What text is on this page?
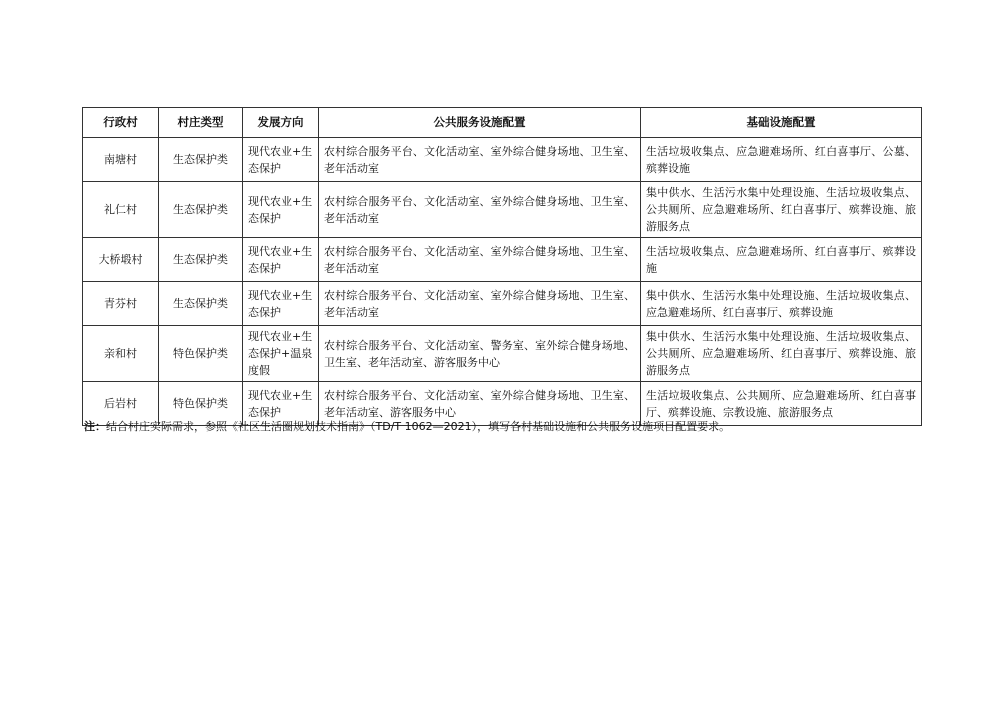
行政村	村庄类型	发展方向	公共服务设施配置	基础设施配置
南塘村	生态保护类	现代农业+生态保护	农村综合服务平台、文化活动室、室外综合健身场地、卫生室、老年活动室	生活垃圾收集点、应急避难场所、红白喜事厅、公墓、殡葬设施
礼仁村	生态保护类	现代农业+生态保护	农村综合服务平台、文化活动室、室外综合健身场地、卫生室、老年活动室	集中供水、生活污水集中处理设施、生活垃圾收集点、公共厕所、应急避难场所、红白喜事厅、殡葬设施、旅游服务点
大桥塅村	生态保护类	现代农业+生态保护	农村综合服务平台、文化活动室、室外综合健身场地、卫生室、老年活动室	生活垃圾收集点、应急避难场所、红白喜事厅、殡葬设施
青芬村	生态保护类	现代农业+生态保护	农村综合服务平台、文化活动室、室外综合健身场地、卫生室、老年活动室	集中供水、生活污水集中处理设施、生活垃圾收集点、应急避难场所、红白喜事厅、殡葬设施
亲和村	特色保护类	现代农业+生态保护+温泉度假	农村综合服务平台、文化活动室、警务室、室外综合健身场地、卫生室、老年活动室、游客服务中心	集中供水、生活污水集中处理设施、生活垃圾收集点、公共厕所、应急避难场所、红白喜事厅、殡葬设施、旅游服务点
后岩村	特色保护类	现代农业+生态保护	农村综合服务平台、文化活动室、室外综合健身场地、卫生室、老年活动室、游客服务中心	生活垃圾收集点、公共厕所、应急避难场所、红白喜事厅、殡葬设施、宗教设施、旅游服务点
注：结合村庄实际需求，参照《社区生活圈规划技术指南》（TD/T 1062—2021），填写各村基础设施和公共服务设施项目配置要求。
